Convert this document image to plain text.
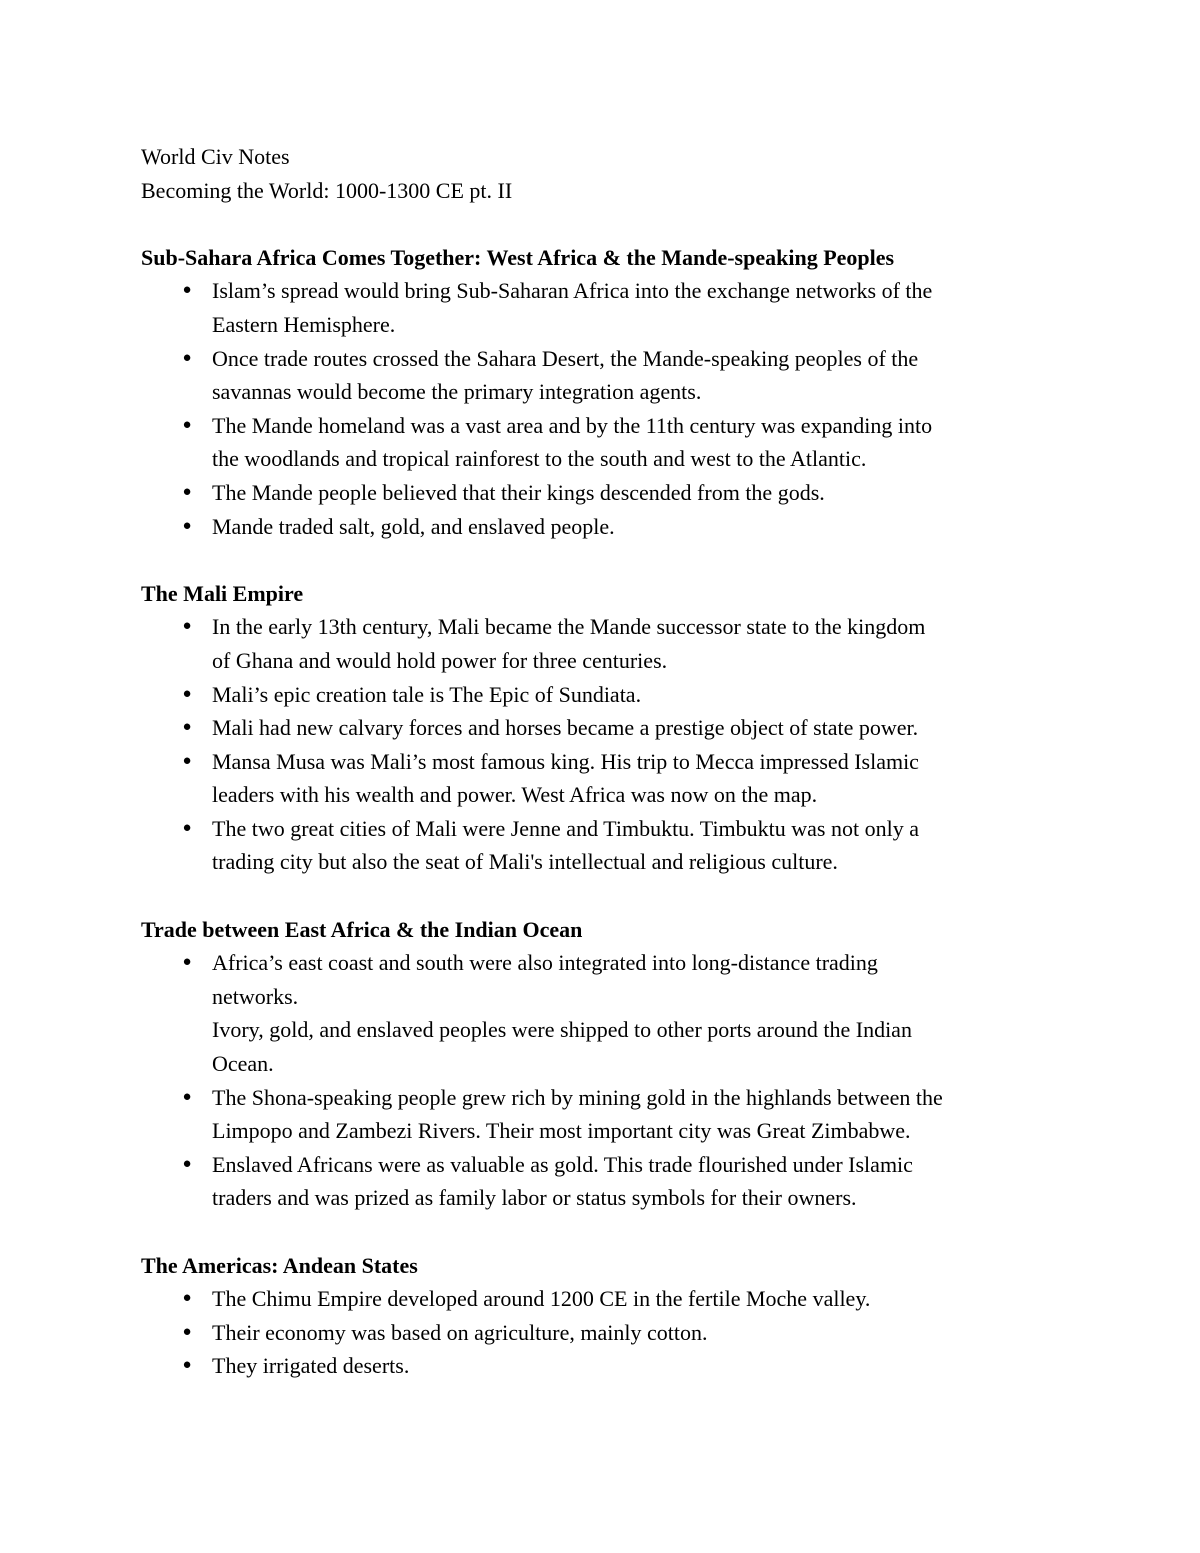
World Civ Notes

Becoming the World: 1000-1300 CE pt. II

Sub-Sahara Africa Comes Together: West Africa & the Mande-speaking Peoples

● Islam’s spread would bring Sub-Saharan Africa into the exchange networks of the
Eastern Hemisphere.
● Once trade routes crossed the Sahara Desert, the Mande-speaking peoples of the
savannas would become the primary integration agents.
● The Mande homeland was a vast area and by the 11th century was expanding into
the woodlands and tropical rainforest to the south and west to the Atlantic.
● The Mande people believed that their kings descended from the gods.
● Mande traded salt, gold, and enslaved people.

The Mali Empire

● In the early 13th century, Mali became the Mande successor state to the kingdom
of Ghana and would hold power for three centuries.
● Mali’s epic creation tale is The Epic of Sundiata.
● Mali had new calvary forces and horses became a prestige object of state power.
● Mansa Musa was Mali’s most famous king. His trip to Mecca impressed Islamic
leaders with his wealth and power. West Africa was now on the map.
● The two great cities of Mali were Jenne and Timbuktu. Timbuktu was not only a
trading city but also the seat of Mali's intellectual and religious culture.

Trade between East Africa & the Indian Ocean

● Africa’s east coast and south were also integrated into long-distance trading
networks.
Ivory, gold, and enslaved peoples were shipped to other ports around the Indian
Ocean.
● The Shona-speaking people grew rich by mining gold in the highlands between the
Limpopo and Zambezi Rivers. Their most important city was Great Zimbabwe.
● Enslaved Africans were as valuable as gold. This trade flourished under Islamic
traders and was prized as family labor or status symbols for their owners.

The Americas: Andean States

● The Chimu Empire developed around 1200 CE in the fertile Moche valley.
● Their economy was based on agriculture, mainly cotton.
● They irrigated deserts.
